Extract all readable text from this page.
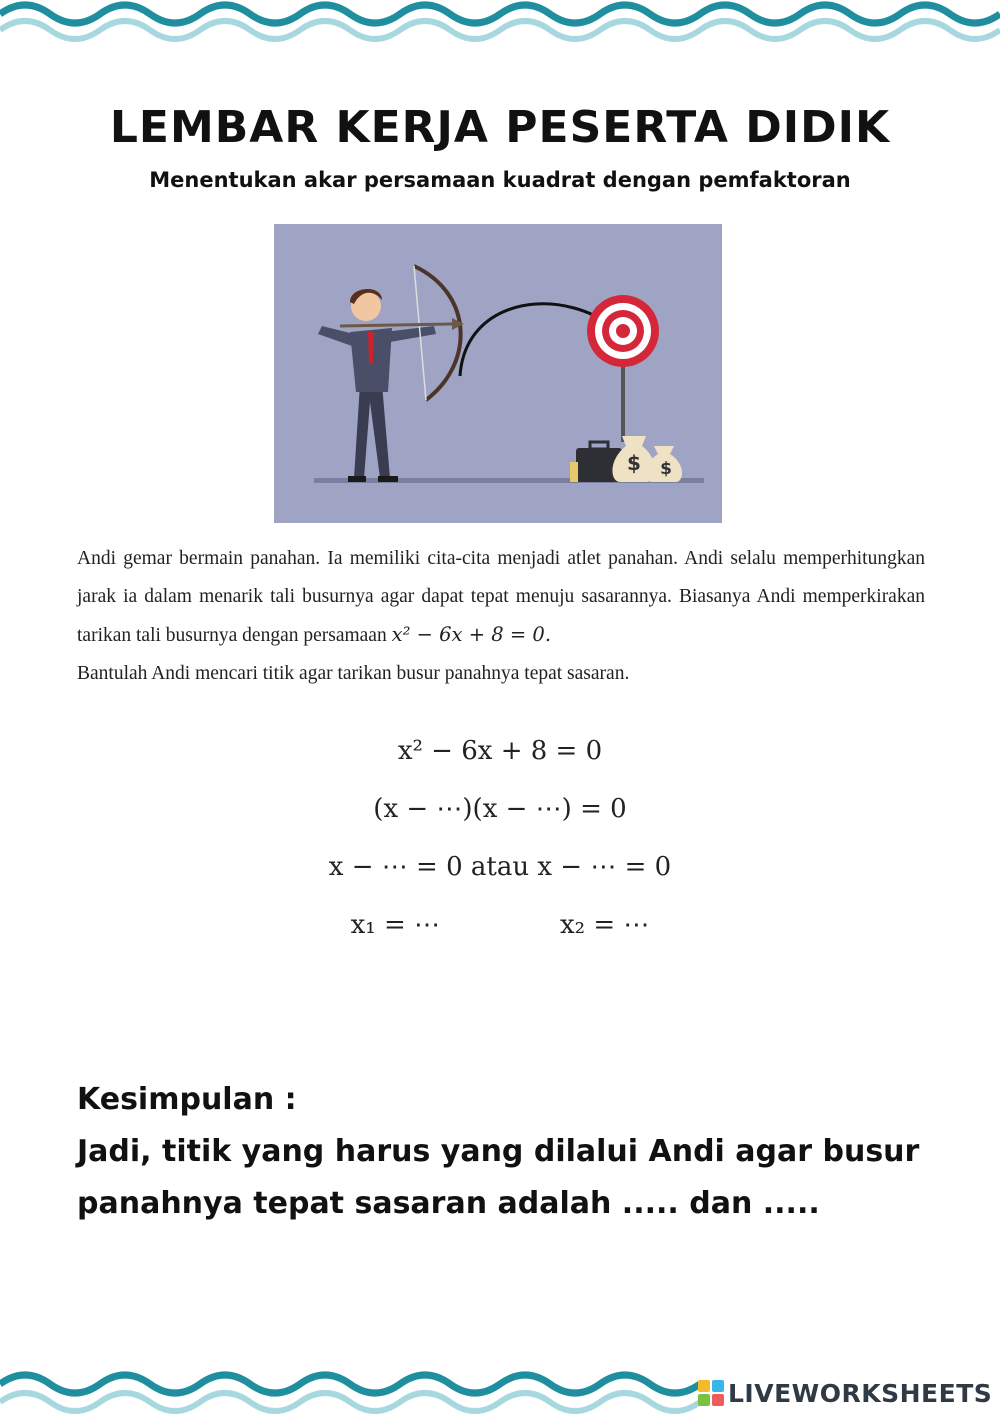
LEMBAR KERJA PESERTA DIDIK
Menentukan akar persamaan kuadrat dengan pemfaktoran
$ $

Andi gemar bermain panahan. Ia memiliki cita-cita menjadi atlet panahan. Andi selalu memperhitungkan jarak ia dalam menarik tali busurnya agar dapat tepat menuju sasarannya. Biasanya Andi memperkirakan tarikan tali busurnya dengan persamaan x² − 6x + 8 = 0.

Bantulah Andi mencari titik agar tarikan busur panahnya tepat sasaran.

x² − 6x + 8 = 0
(x − ⋯)(x − ⋯) = 0
x − ⋯ = 0 atau x − ⋯ = 0
x₁ = ⋯	x₂ = ⋯
Kesimpulan :
Jadi, titik yang harus yang dilalui Andi agar busur
panahnya tepat sasaran adalah ..... dan .....
LIVEWORKSHEETS
